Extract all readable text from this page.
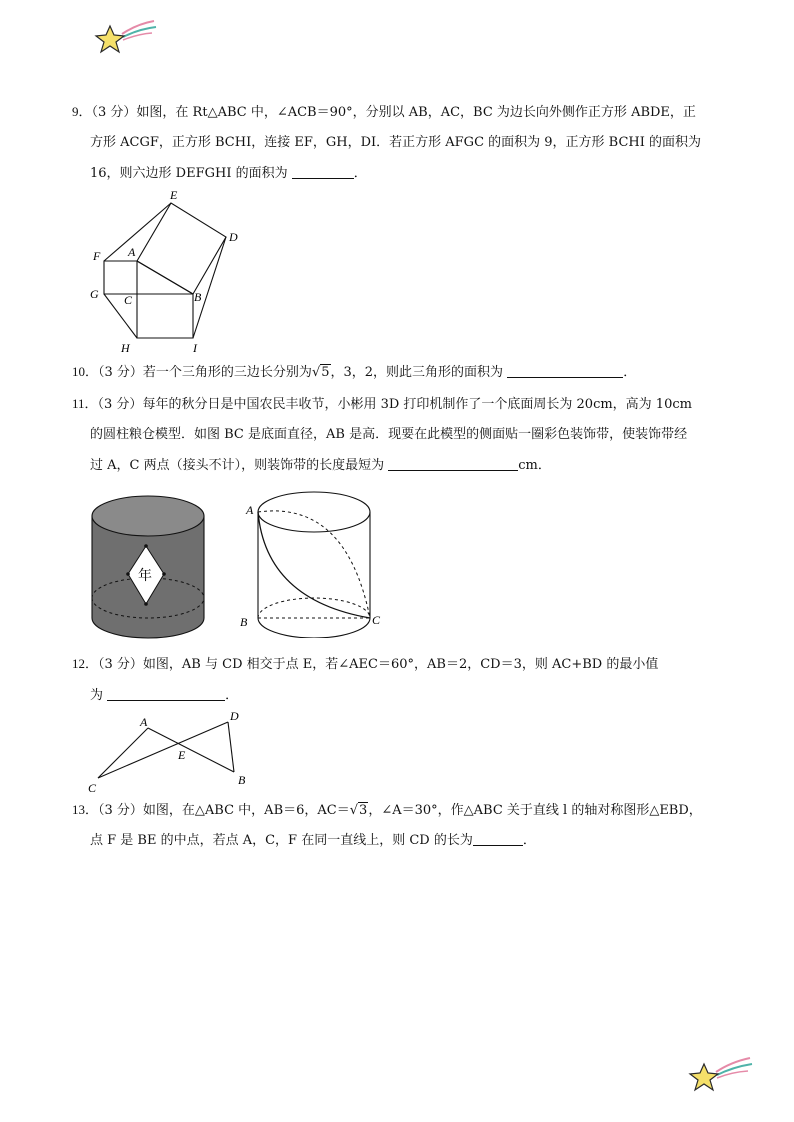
9．（3 分）如图，在 Rt△ABC 中，∠ACB＝90°，分别以 AB，AC，BC 为边长向外侧作正方形 ABDE，正
方形 ACGF，正方形 BCHI，连接 EF，GH，DI．若正方形 AFGC 的面积为 9，正方形 BCHI 的面积为
16，则六边形 DEFGHI 的面积为	．
E
D
F A
G C	B
H	I
10．（3 分）若一个三角形的三边长分别为√5，3，2，则此三角形的面积为	．
11．（3 分）每年的秋分日是中国农民丰收节，小彬用 3D 打印机制作了一个底面周长为 20cm，高为 10cm
的圆柱粮仓模型．如图 BC 是底面直径，AB 是高．现要在此模型的侧面贴一圈彩色装饰带，使装饰带经
过 A，C 两点（接头不计），则装饰带的长度最短为	cm．
年
A
B	C
12．（3 分）如图，AB 与 CD 相交于点 E，若∠AEC＝60°，AB＝2，CD＝3，则 AC+BD 的最小值
为	．
A	D
E
C
B
13．（3 分）如图，在△ABC 中，AB＝6，AC＝√3，∠A＝30°，作△ABC 关于直线 l 的轴对称图形△EBD，
点 F 是 BE 的中点，若点 A，C，F 在同一直线上，则 CD 的长为	．
